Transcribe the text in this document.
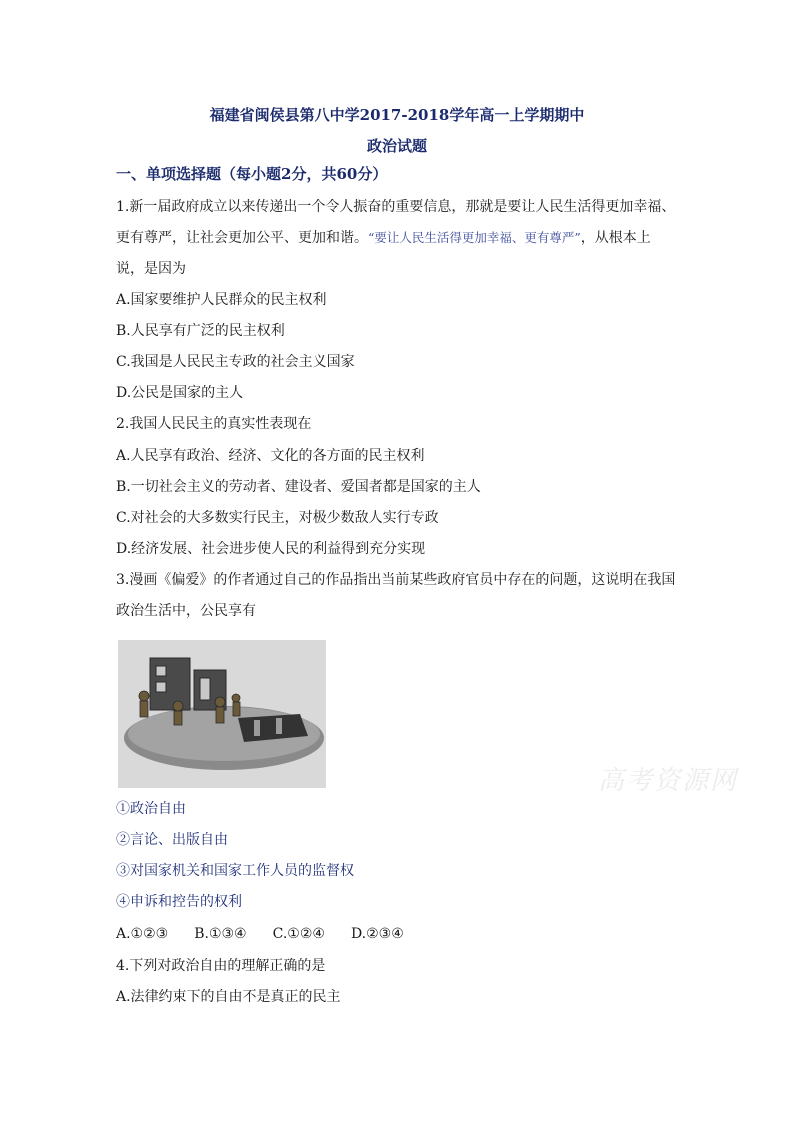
福建省闽侯县第八中学2017-2018学年高一上学期期中
政治试题
一、单项选择题（每小题2分，共60分）
1.新一届政府成立以来传递出一个令人振奋的重要信息，那就是要让人民生活得更加幸福、
更有尊严，让社会更加公平、更加和谐。“要让人民生活得更加幸福、更有尊严”，从根本上
说，是因为
A.国家要维护人民群众的民主权利
B.人民享有广泛的民主权利
C.我国是人民民主专政的社会主义国家
D.公民是国家的主人
2.我国人民民主的真实性表现在
A.人民享有政治、经济、文化的各方面的民主权利
B.一切社会主义的劳动者、建设者、爱国者都是国家的主人
C.对社会的大多数实行民主，对极少数敌人实行专政
D.经济发展、社会进步使人民的利益得到充分实现
3.漫画《偏爱》的作者通过自己的作品指出当前某些政府官员中存在的问题，这说明在我国
政治生活中，公民享有
高考资源网
①政治自由
②言论、出版自由
③对国家机关和国家工作人员的监督权
④申诉和控告的权利
A.①②③ B.①③④ C.①②④ D.②③④
4.下列对政治自由的理解正确的是
A.法律约束下的自由不是真正的民主
